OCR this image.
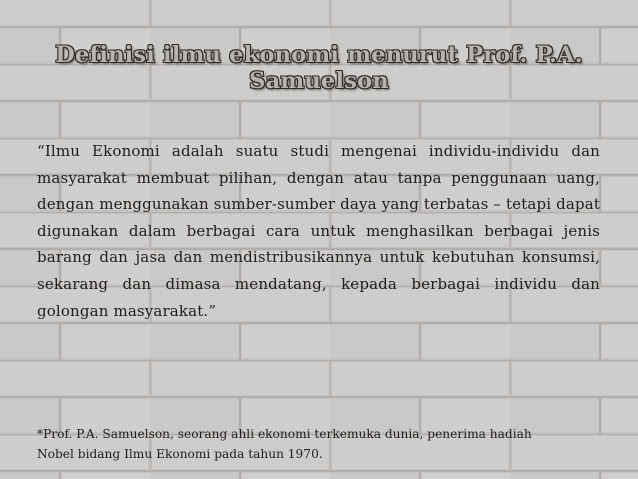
Definisi ilmu ekonomi menurut Prof. P.A. Samuelson
“Ilmu Ekonomi adalah suatu studi mengenai individu-individu dan masyarakat membuat pilihan, dengan atau tanpa penggunaan uang, dengan menggunakan sumber-sumber daya yang terbatas – tetapi dapat digunakan dalam berbagai cara untuk menghasilkan berbagai jenis barang dan jasa dan mendistribusikannya untuk kebutuhan konsumsi, sekarang dan dimasa mendatang, kepada berbagai individu dan golongan masyarakat.”
*Prof. P.A. Samuelson, seorang ahli ekonomi terkemuka dunia, penerima hadiah
Nobel bidang Ilmu Ekonomi pada tahun 1970.
